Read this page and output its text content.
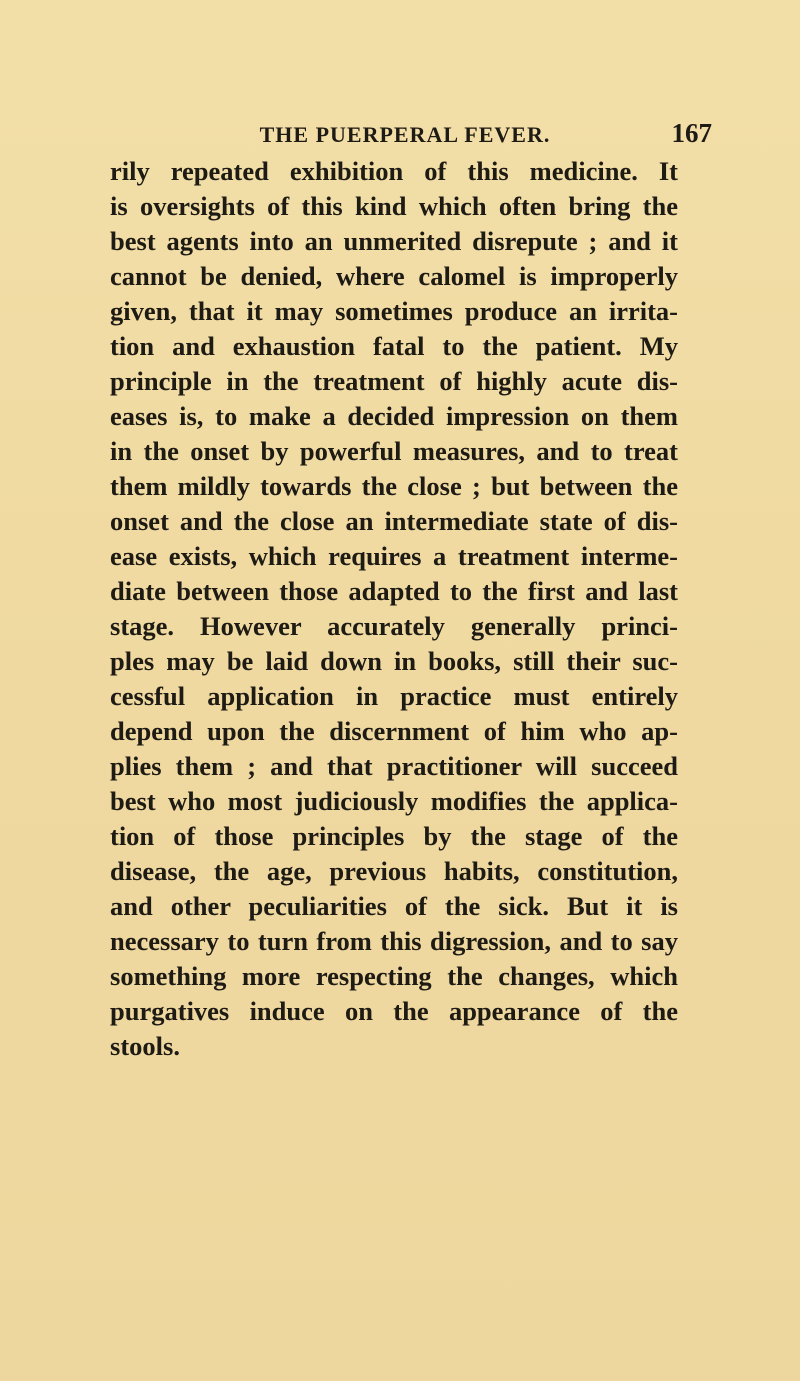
THE PUERPERAL FEVER.	167
rily repeated exhibition of this medicine. It
is oversights of this kind which often bring the
best agents into an unmerited disrepute ; and it
cannot be denied, where calomel is improperly
given, that it may sometimes produce an irrita-
tion and exhaustion fatal to the patient. My
principle in the treatment of highly acute dis-
eases is, to make a decided impression on them
in the onset by powerful measures, and to treat
them mildly towards the close ; but between the
onset and the close an intermediate state of dis-
ease exists, which requires a treatment interme-
diate between those adapted to the first and last
stage. However accurately generally princi-
ples may be laid down in books, still their suc-
cessful application in practice must entirely
depend upon the discernment of him who ap-
plies them ; and that practitioner will succeed
best who most judiciously modifies the applica-
tion of those principles by the stage of the
disease, the age, previous habits, constitution,
and other peculiarities of the sick. But it is
necessary to turn from this digression, and to say
something more respecting the changes, which
purgatives induce on the appearance of the
stools.
